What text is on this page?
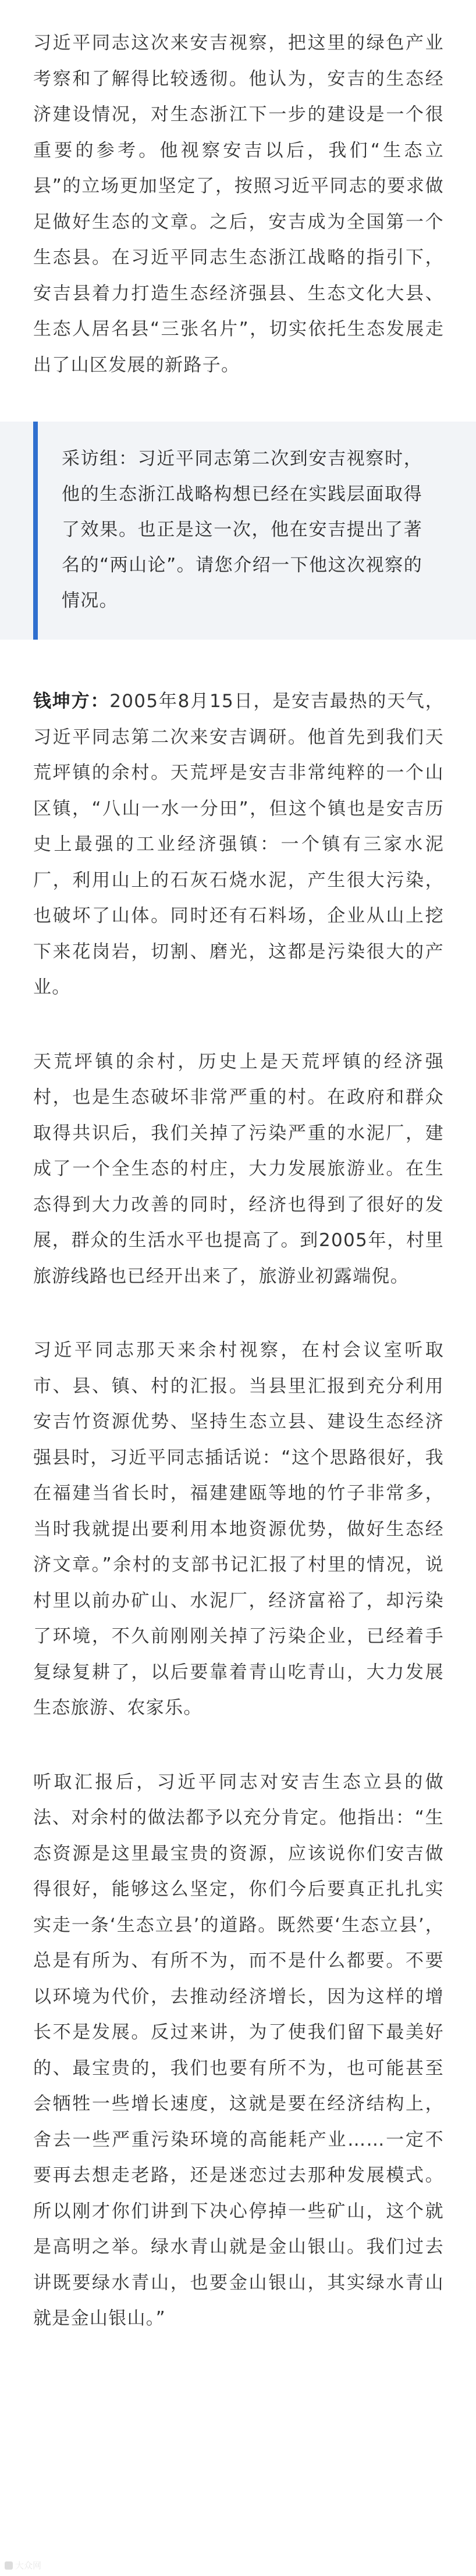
习近平同志这次来安吉视察，把这里的绿色产业考察和了解得比较透彻。他认为，安吉的生态经济建设情况，对生态浙江下一步的建设是一个很重要的参考。他视察安吉以后，我们“生态立县”的立场更加坚定了，按照习近平同志的要求做足做好生态的文章。之后，安吉成为全国第一个生态县。在习近平同志生态浙江战略的指引下，安吉县着力打造生态经济强县、生态文化大县、生态人居名县“三张名片”，切实依托生态发展走出了山区发展的新路子。

采访组：习近平同志第二次到安吉视察时，他的生态浙江战略构想已经在实践层面取得了效果。也正是这一次，他在安吉提出了著名的“两山论”。请您介绍一下他这次视察的情况。

钱坤方：2005年8月15日，是安吉最热的天气，习近平同志第二次来安吉调研。他首先到我们天荒坪镇的余村。天荒坪是安吉非常纯粹的一个山区镇，“八山一水一分田”，但这个镇也是安吉历史上最强的工业经济强镇：一个镇有三家水泥厂，利用山上的石灰石烧水泥，产生很大污染，也破坏了山体。同时还有石料场，企业从山上挖下来花岗岩，切割、磨光，这都是污染很大的产业。

天荒坪镇的余村，历史上是天荒坪镇的经济强村，也是生态破坏非常严重的村。在政府和群众取得共识后，我们关掉了污染严重的水泥厂，建成了一个全生态的村庄，大力发展旅游业。在生态得到大力改善的同时，经济也得到了很好的发展，群众的生活水平也提高了。到2005年，村里旅游线路也已经开出来了，旅游业初露端倪。

习近平同志那天来余村视察，在村会议室听取市、县、镇、村的汇报。当县里汇报到充分利用安吉竹资源优势、坚持生态立县、建设生态经济强县时，习近平同志插话说：“这个思路很好，我在福建当省长时，福建建瓯等地的竹子非常多，当时我就提出要利用本地资源优势，做好生态经济文章。”余村的支部书记汇报了村里的情况，说村里以前办矿山、水泥厂，经济富裕了，却污染了环境，不久前刚刚关掉了污染企业，已经着手复绿复耕了，以后要靠着青山吃青山，大力发展生态旅游、农家乐。

听取汇报后，习近平同志对安吉生态立县的做法、对余村的做法都予以充分肯定。他指出：“生态资源是这里最宝贵的资源，应该说你们安吉做得很好，能够这么坚定，你们今后要真正扎扎实实走一条‘生态立县’的道路。既然要‘生态立县’，总是有所为、有所不为，而不是什么都要。不要以环境为代价，去推动经济增长，因为这样的增长不是发展。反过来讲，为了使我们留下最美好的、最宝贵的，我们也要有所不为，也可能甚至会牺牲一些增长速度，这就是要在经济结构上，舍去一些严重污染环境的高能耗产业……一定不要再去想走老路，还是迷恋过去那种发展模式。所以刚才你们讲到下决心停掉一些矿山，这个就是高明之举。绿水青山就是金山银山。我们过去讲既要绿水青山，也要金山银山，其实绿水青山就是金山银山。”

大众网
